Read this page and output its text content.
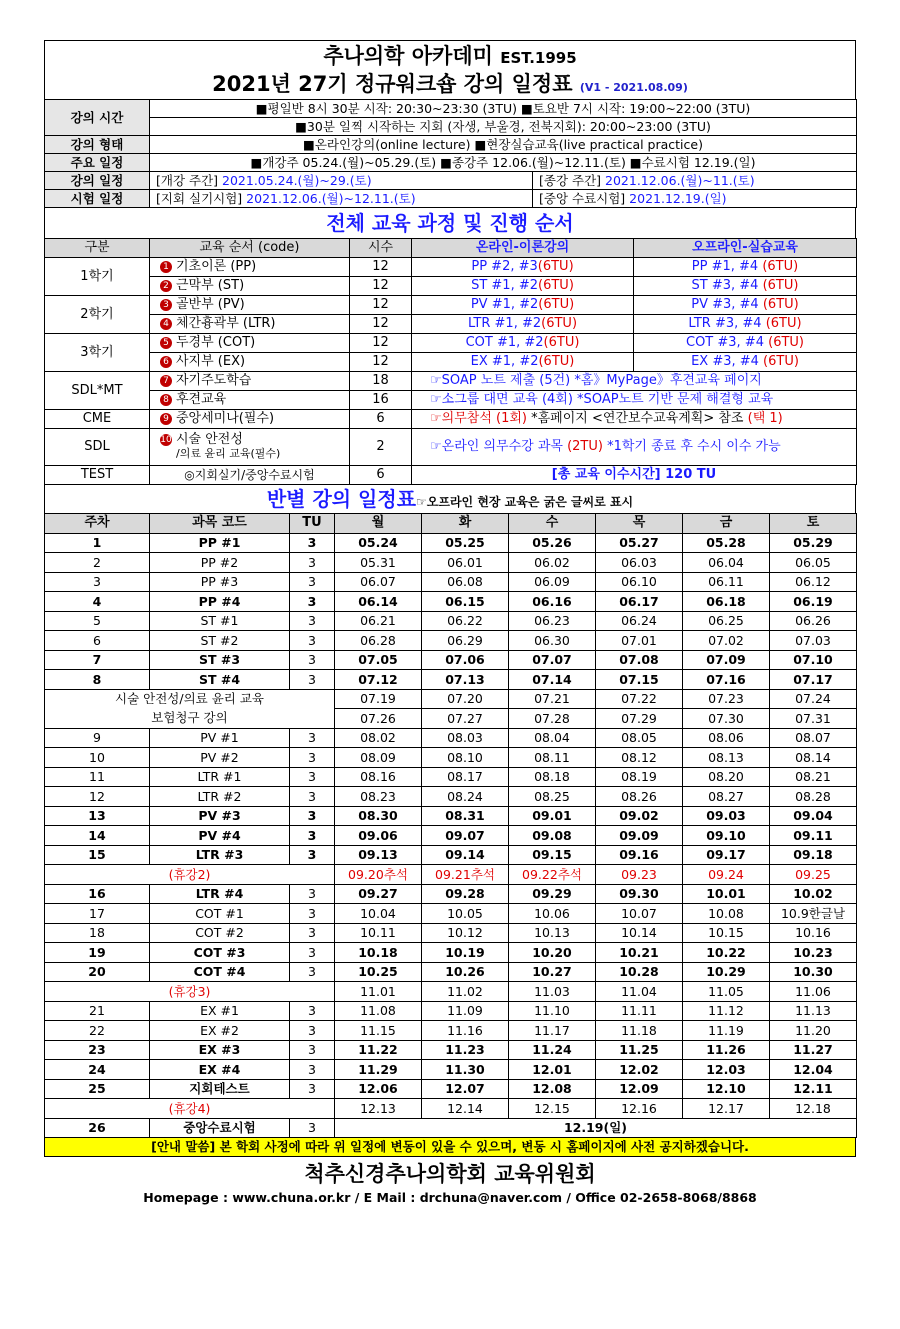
추나의학 아카데미 EST.1995
2021년 27기 정규워크숍 강의 일정표 (V1 - 2021.08.09)
강의 시간	■평일반 8시 30분 시작: 20:30~23:30 (3TU) ■토요반 7시 시작: 19:00~22:00 (3TU)	
	■30분 일찍 시작하는 지회 (자생, 부울경, 전북지회): 20:00~23:00 (3TU)	
강의 형태	■온라인강의(online lecture) ■현장실습교육(live practical practice)	
주요 일정	■개강주 05.24.(월)~05.29.(토) ■종강주 12.06.(월)~12.11.(토) ■수료시험 12.19.(일)	
강의 일정	[개강 주간] 2021.05.24.(월)~29.(토)	[종강 주간] 2021.12.06.(월)~11.(토)
시험 일정	[지회 실기시험] 2021.12.06.(월)~12.11.(토)	[중앙 수료시험] 2021.12.19.(일)
전체 교육 과정 및 진행 순서
구분	교육 순서 (code)	시수	온라인-이론강의	오프라인-실습교육
1학기	1 기초이론 (PP)	12	PP #2, #3(6TU)	PP #1, #4 (6TU)
	2 근막부 (ST)	12	ST #1, #2(6TU)	ST #3, #4 (6TU)
2학기	3 골반부 (PV)	12	PV #1, #2(6TU)	PV #3, #4 (6TU)
	4 체간흉곽부 (LTR)	12	LTR #1, #2(6TU)	LTR #3, #4 (6TU)
3학기	5 두경부 (COT)	12	COT #1, #2(6TU)	COT #3, #4 (6TU)
	6 사지부 (EX)	12	EX #1, #2(6TU)	EX #3, #4 (6TU)
SDL*MT	7 자기주도학습	18	☞SOAP 노트 제출 (5건) *홈》MyPage》후견교육 페이지	
	8 후견교육	16	☞소그룹 대면 교육 (4회) *SOAP노트 기반 문제 해결형 교육	
CME	9 중앙세미나(필수)	6	☞의무참석 (1회) *홈페이지 <연간보수교육계획> 참조 (택 1)	
SDL	10 시술 안전성
/의료 윤리 교육(필수)	2	☞온라인 의무수강 과목 (2TU) *1학기 종료 후 수시 이수 가능	
TEST	◎지회실기/중앙수료시험	6	[총 교육 이수시간] 120 TU	
반별 강의 일정표☞오프라인 현장 교육은 굵은 글씨로 표시
주차	과목 코드	TU	월	화	수	목	금	토
1	PP #1	3	05.24	05.25	05.26	05.27	05.28	05.29
2	PP #2	3	05.31	06.01	06.02	06.03	06.04	06.05
3	PP #3	3	06.07	06.08	06.09	06.10	06.11	06.12
4	PP #4	3	06.14	06.15	06.16	06.17	06.18	06.19
5	ST #1	3	06.21	06.22	06.23	06.24	06.25	06.26
6	ST #2	3	06.28	06.29	06.30	07.01	07.02	07.03
7	ST #3	3	07.05	07.06	07.07	07.08	07.09	07.10
8	ST #4	3	07.12	07.13	07.14	07.15	07.16	07.17
시술 안전성/의료 윤리 교육			07.19	07.20	07.21	07.22	07.23	07.24
보험청구 강의			07.26	07.27	07.28	07.29	07.30	07.31
9	PV #1	3	08.02	08.03	08.04	08.05	08.06	08.07
10	PV #2	3	08.09	08.10	08.11	08.12	08.13	08.14
11	LTR #1	3	08.16	08.17	08.18	08.19	08.20	08.21
12	LTR #2	3	08.23	08.24	08.25	08.26	08.27	08.28
13	PV #3	3	08.30	08.31	09.01	09.02	09.03	09.04
14	PV #4	3	09.06	09.07	09.08	09.09	09.10	09.11
15	LTR #3	3	09.13	09.14	09.15	09.16	09.17	09.18
(휴강2)			09.20추석	09.21추석	09.22추석	09.23	09.24	09.25
16	LTR #4	3	09.27	09.28	09.29	09.30	10.01	10.02
17	COT #1	3	10.04	10.05	10.06	10.07	10.08	10.9한글날
18	COT #2	3	10.11	10.12	10.13	10.14	10.15	10.16
19	COT #3	3	10.18	10.19	10.20	10.21	10.22	10.23
20	COT #4	3	10.25	10.26	10.27	10.28	10.29	10.30
(휴강3)			11.01	11.02	11.03	11.04	11.05	11.06
21	EX #1	3	11.08	11.09	11.10	11.11	11.12	11.13
22	EX #2	3	11.15	11.16	11.17	11.18	11.19	11.20
23	EX #3	3	11.22	11.23	11.24	11.25	11.26	11.27
24	EX #4	3	11.29	11.30	12.01	12.02	12.03	12.04
25	지회테스트	3	12.06	12.07	12.08	12.09	12.10	12.11
(휴강4)			12.13	12.14	12.15	12.16	12.17	12.18
26	중앙수료시험	3	12.19(일)					
[안내 말씀] 본 학회 사정에 따라 위 일정에 변동이 있을 수 있으며, 변동 시 홈페이지에 사전 공지하겠습니다.
척추신경추나의학회 교육위원회
Homepage : www.chuna.or.kr / E Mail : drchuna@naver.com / Office 02-2658-8068/8868
